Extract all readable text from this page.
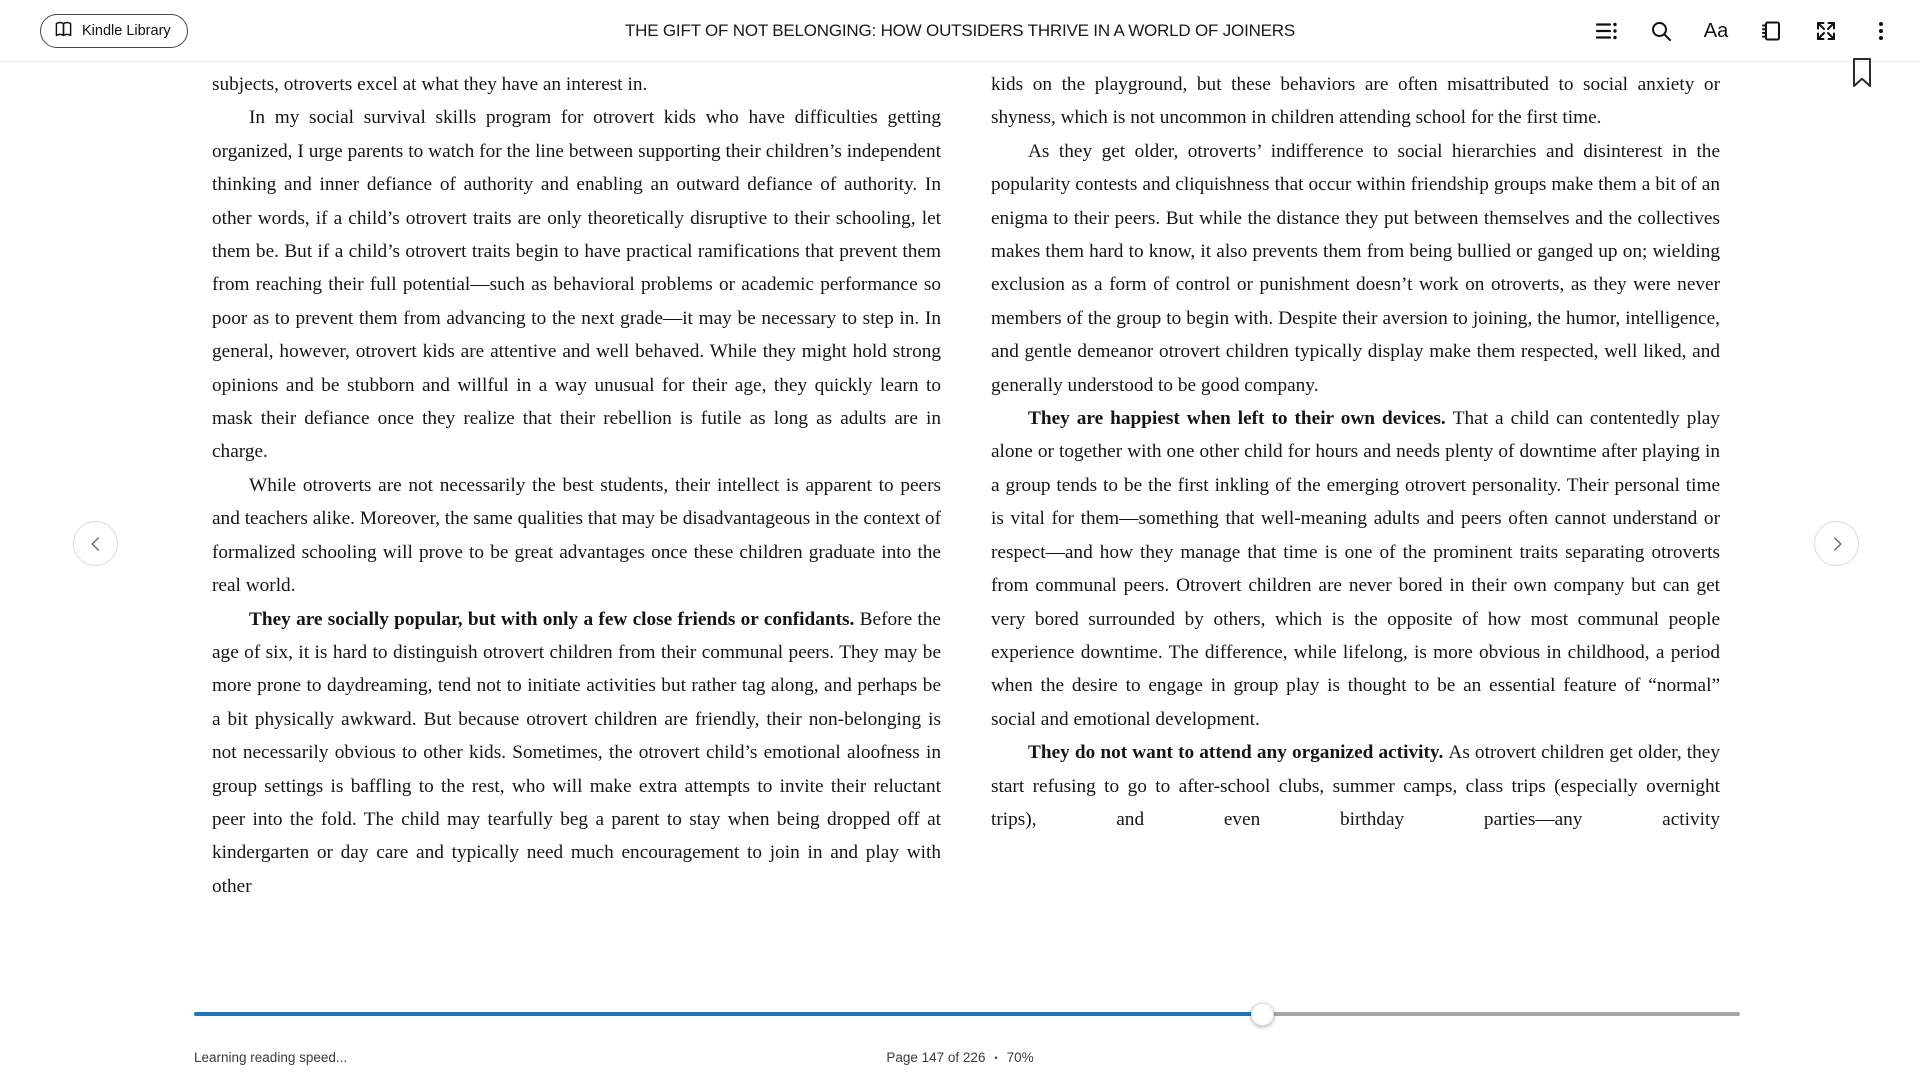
Kindle Library	THE GIFT OF NOT BELONGING: HOW OUTSIDERS THRIVE IN A WORLD OF JOINERS	Aa

subjects, otroverts excel at what they have an interest in.

In my social survival skills program for otrovert kids who have difficulties getting organized, I urge parents to watch for the line between supporting their children’s independent thinking and inner defiance of authority and enabling an outward defiance of authority. In other words, if a child’s otrovert traits are only theoretically disruptive to their schooling, let them be. But if a child’s otrovert traits begin to have practical ramifications that prevent them from reaching their full potential—such as behavioral problems or academic performance so poor as to prevent them from advancing to the next grade—it may be necessary to step in. In general, however, otrovert kids are attentive and well behaved. While they might hold strong opinions and be stubborn and willful in a way unusual for their age, they quickly learn to mask their defiance once they realize that their rebellion is futile as long as adults are in charge.

While otroverts are not necessarily the best students, their intellect is apparent to peers and teachers alike. Moreover, the same qualities that may be disadvantageous in the context of formalized schooling will prove to be great advantages once these children graduate into the real world.

They are socially popular, but with only a few close friends or confidants. Before the age of six, it is hard to distinguish otrovert children from their communal peers. They may be more prone to daydreaming, tend not to initiate activities but rather tag along, and perhaps be a bit physically awkward. But because otrovert children are friendly, their non-belonging is not necessarily obvious to other kids. Sometimes, the otrovert child’s emotional aloofness in group settings is baffling to the rest, who will make extra attempts to invite their reluctant peer into the fold. The child may tearfully beg a parent to stay when being dropped off at kindergarten or day care and typically need much encouragement to join in and play with other

kids on the playground, but these behaviors are often misattributed to social anxiety or shyness, which is not uncommon in children attending school for the first time.

As they get older, otroverts’ indifference to social hierarchies and disinterest in the popularity contests and cliquishness that occur within friendship groups make them a bit of an enigma to their peers. But while the distance they put between themselves and the collectives makes them hard to know, it also prevents them from being bullied or ganged up on; wielding exclusion as a form of control or punishment doesn’t work on otroverts, as they were never members of the group to begin with. Despite their aversion to joining, the humor, intelligence, and gentle demeanor otrovert children typically display make them respected, well liked, and generally understood to be good company.

They are happiest when left to their own devices. That a child can contentedly play alone or together with one other child for hours and needs plenty of downtime after playing in a group tends to be the first inkling of the emerging otrovert personality. Their personal time is vital for them—something that well-meaning adults and peers often cannot understand or respect—and how they manage that time is one of the prominent traits separating otroverts from communal peers. Otrovert children are never bored in their own company but can get very bored surrounded by others, which is the opposite of how most communal people experience downtime. The difference, while lifelong, is more obvious in childhood, a period when the desire to engage in group play is thought to be an essential feature of “normal” social and emotional development.

They do not want to attend any organized activity. As otrovert children get older, they start refusing to go to after-school clubs, summer camps, class trips (especially overnight trips), and even birthday parties—any activity

Learning reading speed...	Page 147 of 226 • 70%
